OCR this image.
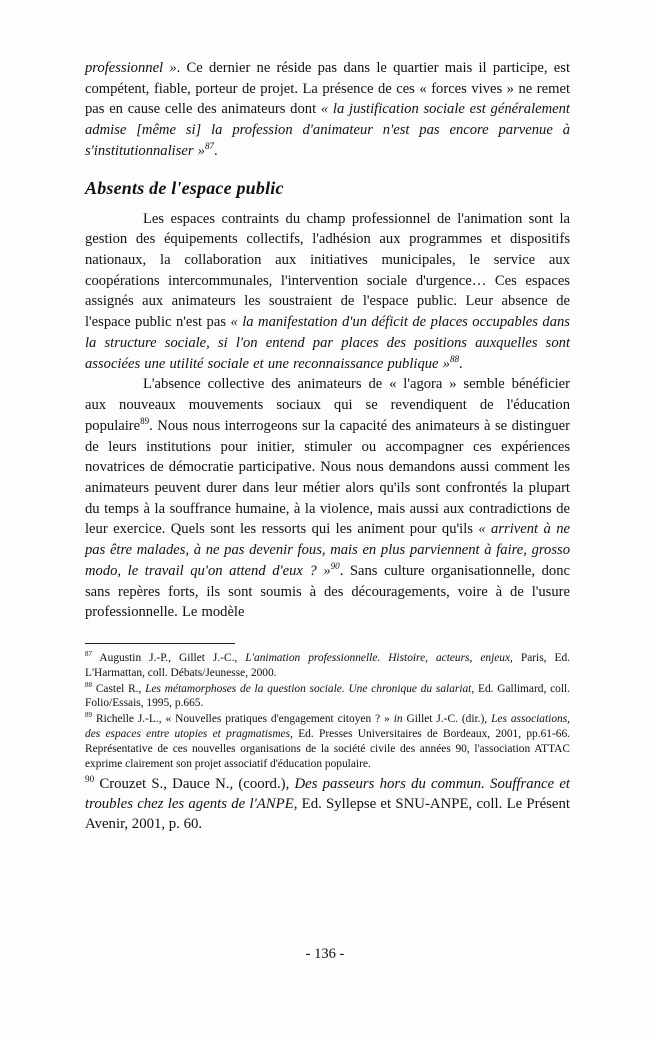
professionnel ». Ce dernier ne réside pas dans le quartier mais il participe, est compétent, fiable, porteur de projet. La présence de ces « forces vives » ne remet pas en cause celle des animateurs dont « la justification sociale est généralement admise [même si] la profession d'animateur n'est pas encore parvenue à s'institutionnaliser »$^{87}$.

Absents de l'espace public

Les espaces contraints du champ professionnel de l'animation sont la gestion des équipements collectifs, l'adhésion aux programmes et dispositifs nationaux, la collaboration aux initiatives municipales, le service aux coopérations intercommunales, l'intervention sociale d'urgence… Ces espaces assignés aux animateurs les soustraient de l'espace public. Leur absence de l'espace public n'est pas « la manifestation d'un déficit de places occupables dans la structure sociale, si l'on entend par places des positions auxquelles sont associées une utilité sociale et une reconnaissance publique »$^{88}$.

L'absence collective des animateurs de « l'agora » semble bénéficier aux nouveaux mouvements sociaux qui se revendiquent de l'éducation populaire$^{89}$. Nous nous interrogeons sur la capacité des animateurs à se distinguer de leurs institutions pour initier, stimuler ou accompagner ces expériences novatrices de démocratie participative. Nous nous demandons aussi comment les animateurs peuvent durer dans leur métier alors qu'ils sont confrontés la plupart du temps à la souffrance humaine, à la violence, mais aussi aux contradictions de leur exercice. Quels sont les ressorts qui les animent pour qu'ils « arrivent à ne pas être malades, à ne pas devenir fous, mais en plus parviennent à faire, grosso modo, le travail qu'on attend d'eux ? »$^{90}$. Sans culture organisationnelle, donc sans repères forts, ils sont soumis à des découragements, voire à de l'usure professionnelle. Le modèle

$^{87}$ Augustin J.-P., Gillet J.-C., L'animation professionnelle. Histoire, acteurs, enjeux, Paris, Ed. L'Harmattan, coll. Débats/Jeunesse, 2000.
$^{88}$ Castel R., Les métamorphoses de la question sociale. Une chronique du salariat, Ed. Gallimard, coll. Folio/Essais, 1995, p.665.
$^{89}$ Richelle J.-L., « Nouvelles pratiques d'engagement citoyen ? » in Gillet J.-C. (dir.), Les associations, des espaces entre utopies et pragmatismes, Ed. Presses Universitaires de Bordeaux, 2001, pp.61-66. Représentative de ces nouvelles organisations de la société civile des années 90, l'association ATTAC exprime clairement son projet associatif d'éducation populaire.
$^{90}$ Crouzet S., Dauce N., (coord.), Des passeurs hors du commun. Souffrance et troubles chez les agents de l'ANPE, Ed. Syllepse et SNU-ANPE, coll. Le Présent Avenir, 2001, p. 60.
- 136 -
